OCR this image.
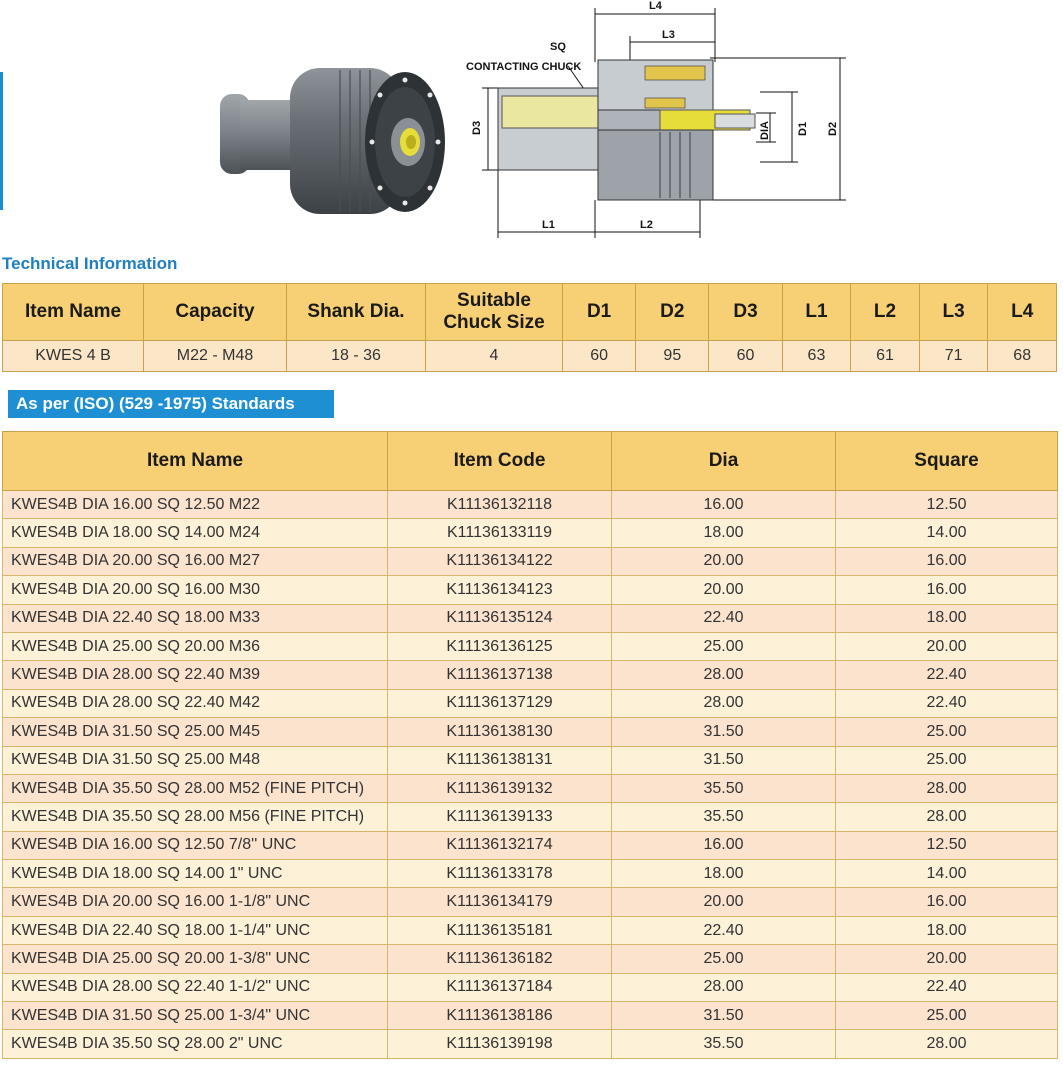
L4
L3
SQ
CONTACTING CHUCK
L1	L2
D3	DIA D1 D2
Technical Information
Item Name	Capacity	Shank Dia.	Suitable Chuck Size	D1	D2	D3	L1	L2	L3	L4
KWES 4 B	M22 - M48	18 - 36	4	60	95	60	63	61	71	68
As per (ISO) (529 -1975) Standards
Item Name	Item Code	Dia	Square
KWES4B DIA 16.00 SQ 12.50 M22	K11136132118	16.00	12.50
KWES4B DIA 18.00 SQ 14.00 M24	K11136133119	18.00	14.00
KWES4B DIA 20.00 SQ 16.00 M27	K11136134122	20.00	16.00
KWES4B DIA 20.00 SQ 16.00 M30	K11136134123	20.00	16.00
KWES4B DIA 22.40 SQ 18.00 M33	K11136135124	22.40	18.00
KWES4B DIA 25.00 SQ 20.00 M36	K11136136125	25.00	20.00
KWES4B DIA 28.00 SQ 22.40 M39	K11136137138	28.00	22.40
KWES4B DIA 28.00 SQ 22.40 M42	K11136137129	28.00	22.40
KWES4B DIA 31.50 SQ 25.00 M45	K11136138130	31.50	25.00
KWES4B DIA 31.50 SQ 25.00 M48	K11136138131	31.50	25.00
KWES4B DIA 35.50 SQ 28.00 M52 (FINE PITCH)	K11136139132	35.50	28.00
KWES4B DIA 35.50 SQ 28.00 M56 (FINE PITCH)	K11136139133	35.50	28.00
KWES4B DIA 16.00 SQ 12.50 7/8'' UNC	K11136132174	16.00	12.50
KWES4B DIA 18.00 SQ 14.00 1" UNC	K11136133178	18.00	14.00
KWES4B DIA 20.00 SQ 16.00 1-1/8" UNC	K11136134179	20.00	16.00
KWES4B DIA 22.40 SQ 18.00 1-1/4" UNC	K11136135181	22.40	18.00
KWES4B DIA 25.00 SQ 20.00 1-3/8" UNC	K11136136182	25.00	20.00
KWES4B DIA 28.00 SQ 22.40 1-1/2" UNC	K11136137184	28.00	22.40
KWES4B DIA 31.50 SQ 25.00 1-3/4" UNC	K11136138186	31.50	25.00
KWES4B DIA 35.50 SQ 28.00 2" UNC	K11136139198	35.50	28.00
